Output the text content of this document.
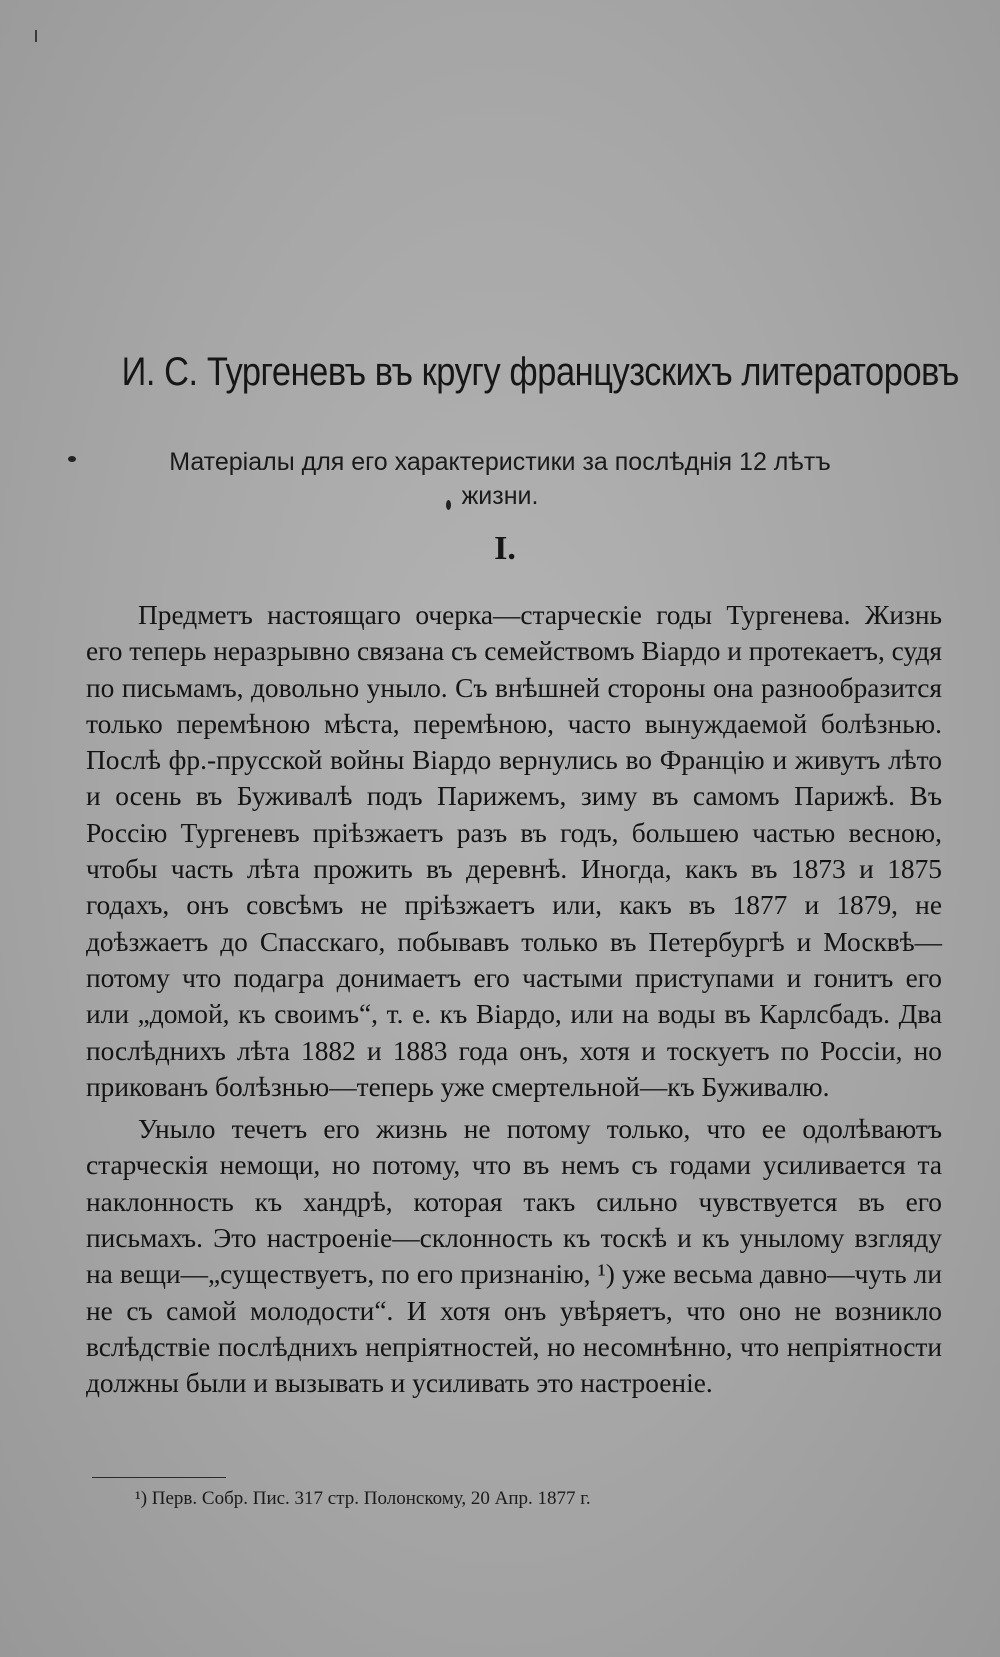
И. С. Тургеневъ въ кругу французскихъ литераторовъ
Матеріалы для его характеристики за послѣднія 12 лѣтъ жизни.
I.

Предметъ настоящаго очерка—старческіе годы Тургенева. Жизнь его теперь неразрывно связана съ семействомъ Віардо и протекаетъ, судя по письмамъ, довольно уныло. Съ внѣшней стороны она разнообразится только перемѣною мѣста, перемѣною, часто вынуждаемой болѣзнью. Послѣ фр.-прусской войны Віардо вернулись во Францію и живутъ лѣто и осень въ Буживалѣ подъ Парижемъ, зиму въ самомъ Парижѣ. Въ Россію Тургеневъ пріѣзжаетъ разъ въ годъ, большею частью весною, чтобы часть лѣта прожить въ деревнѣ. Иногда, какъ въ 1873 и 1875 годахъ, онъ совсѣмъ не пріѣзжаетъ или, какъ въ 1877 и 1879, не доѣзжаетъ до Спасскаго, побывавъ только въ Петербургѣ и Москвѣ—потому что подагра донимаетъ его частыми приступами и гонитъ его или „домой, къ своимъ“, т. е. къ Віардо, или на воды въ Карлсбадъ. Два послѣднихъ лѣта 1882 и 1883 года онъ, хотя и тоскуетъ по Россіи, но прикованъ болѣзнью—теперь уже смертельной—къ Буживалю.

Уныло течетъ его жизнь не потому только, что ее одолѣваютъ старческія немощи, но потому, что въ немъ съ годами усиливается та наклонность къ хандрѣ, которая такъ сильно чувствуется въ его письмахъ. Это настроеніе—склонность къ тоскѣ и къ унылому взгляду на вещи—„существуетъ, по его признанію, ¹) уже весьма давно—чуть ли не съ самой молодости“. И хотя онъ увѣряетъ, что оно не возникло вслѣдствіе послѣднихъ непріятностей, но несомнѣнно, что непріятности должны были и вызывать и усиливать это настроеніе.

¹) Перв. Собр. Пис. 317 стр. Полонскому, 20 Апр. 1877 г.
